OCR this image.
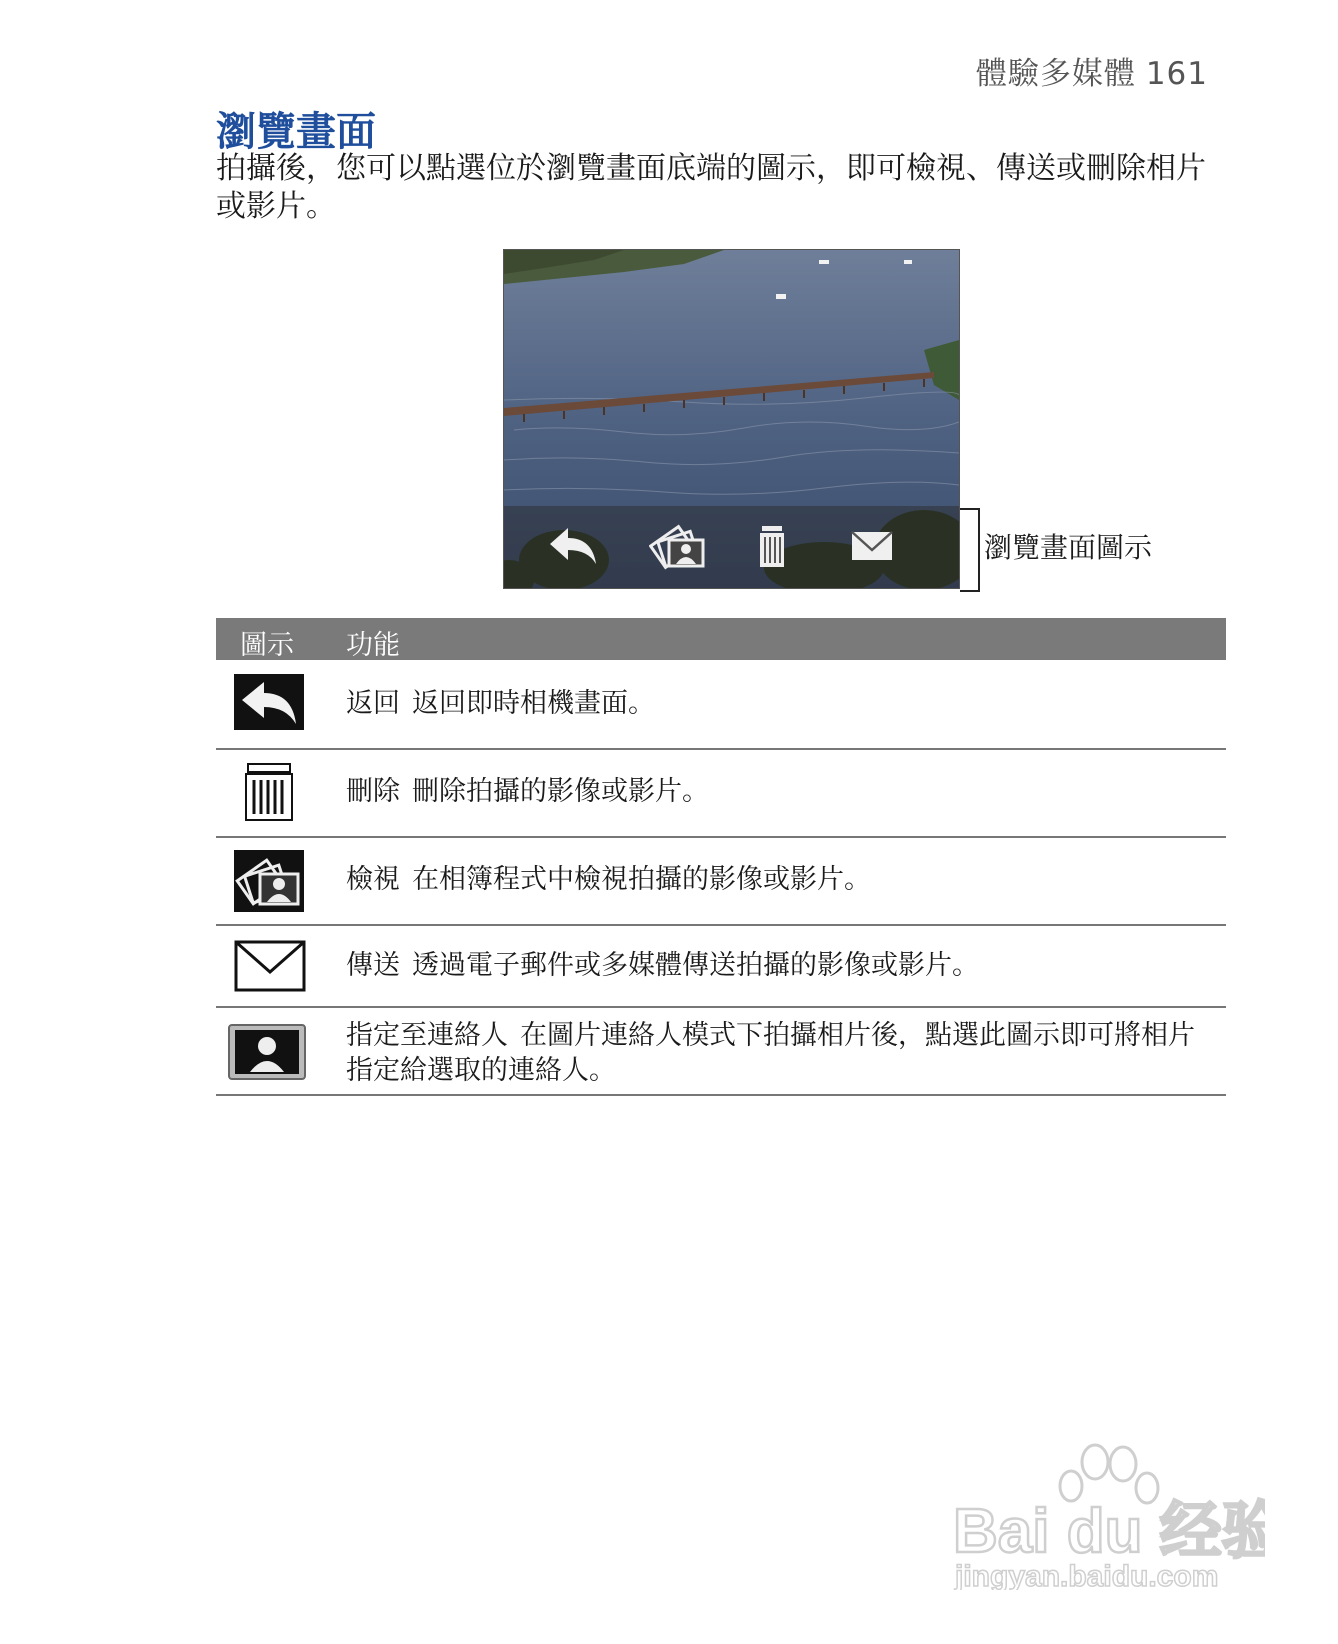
體驗多媒體 161
瀏覽畫面

拍攝後，您可以點選位於瀏覽畫面底端的圖示，即可檢視、傳送或刪除相片或影片。

瀏覽畫面圖示
圖示 功能
返回 返回即時相機畫面。
刪除 刪除拍攝的影像或影片。
檢視 在相簿程式中檢視拍攝的影像或影片。
傳送 透過電子郵件或多媒體傳送拍攝的影像或影片。
指定至連絡人 在圖片連絡人模式下拍攝相片後，點選此圖示即可將相片指定給選取的連絡人。
Bai du 经验
jingyan.baidu.com
